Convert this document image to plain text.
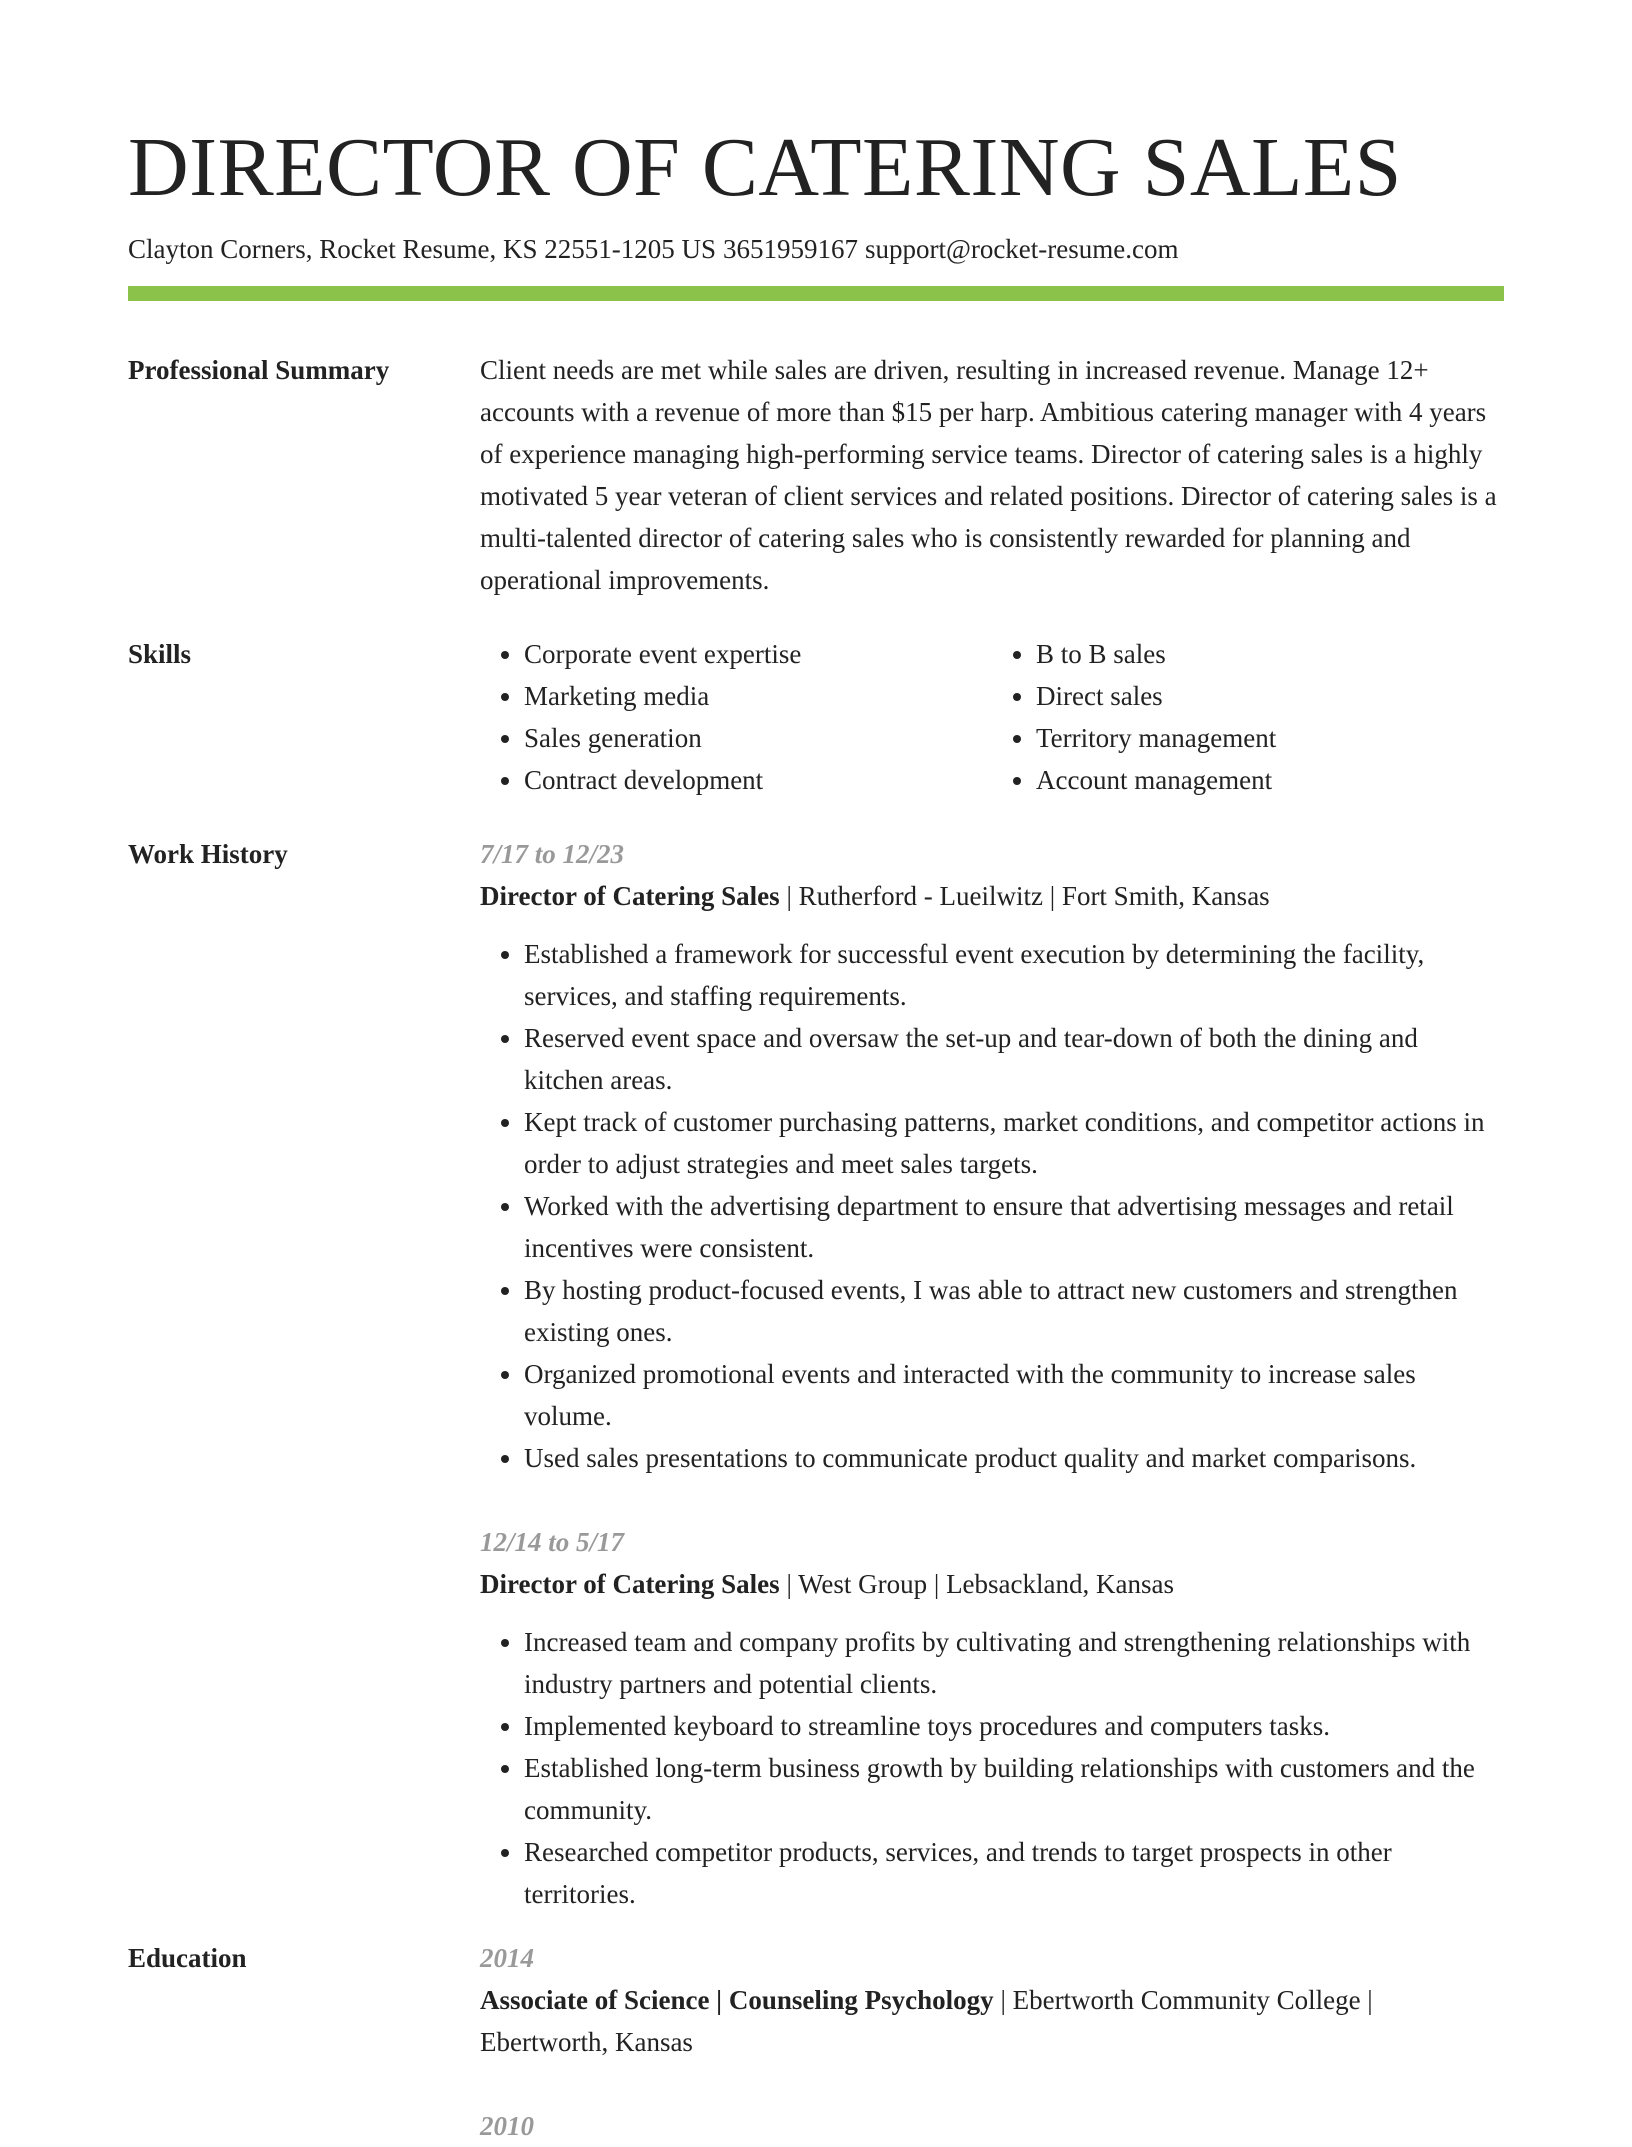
DIRECTOR OF CATERING SALES
Clayton Corners, Rocket Resume, KS 22551-1205 US 3651959167 support@rocket-resume.com
Professional Summary	Client needs are met while sales are driven, resulting in increased revenue. Manage 12+ accounts with a revenue of more than $15 per harp. Ambitious catering manager with 4 years of experience managing high-performing service teams. Director of catering sales is a highly motivated 5 year veteran of client services and related positions. Director of catering sales is a multi-talented director of catering sales who is consistently rewarded for planning and operational improvements.
Skills
•	Corporate event expertise
• Marketing media
• Sales generation
• Contract development
• B to B sales
• Direct sales
• Territory management
• Account management
Work History	7/17 to 12/23
Director of Catering Sales | Rutherford - Lueilwitz | Fort Smith, Kansas
• Established a framework for successful event execution by determining the facility, services, and staffing requirements.
• Reserved event space and oversaw the set-up and tear-down of both the dining and kitchen areas.
• Kept track of customer purchasing patterns, market conditions, and competitor actions in order to adjust strategies and meet sales targets.
• Worked with the advertising department to ensure that advertising messages and retail incentives were consistent.
• By hosting product-focused events, I was able to attract new customers and strengthen existing ones.
• Organized promotional events and interacted with the community to increase sales volume.
• Used sales presentations to communicate product quality and market comparisons.
12/14 to 5/17
Director of Catering Sales | West Group | Lebsackland, Kansas
• Increased team and company profits by cultivating and strengthening relationships with industry partners and potential clients.
• Implemented keyboard to streamline toys procedures and computers tasks.
• Established long-term business growth by building relationships with customers and the community.
• Researched competitor products, services, and trends to target prospects in other territories.
Education	2014
Associate of Science | Counseling Psychology | Ebertworth Community College | Ebertworth, Kansas
2010
